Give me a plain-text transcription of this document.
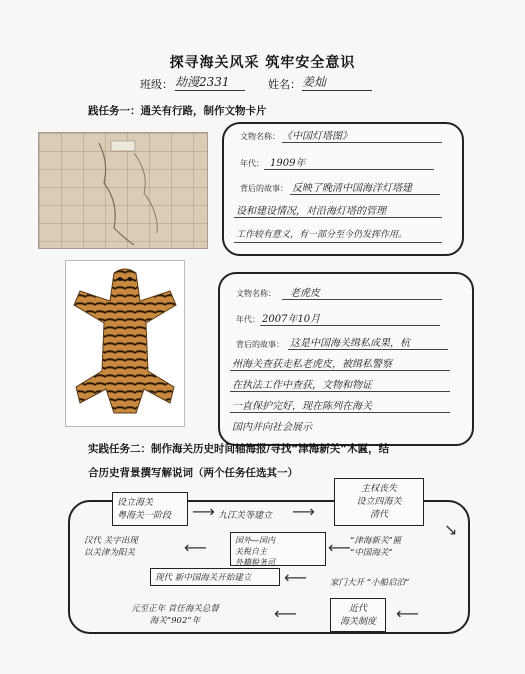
探寻海关风采 筑牢安全意识
班级： 劫漫2331	姓名： 姜灿
践任务一：通关有行路，制作文物卡片
文物名称： 《中国灯塔图》
年代： 1909年
背后的故事： 反映了晚清中国海洋灯塔建
设和建设情况，对沿海灯塔的管理
工作较有意义，有一部分至今仍发挥作用。
文物名称： 老虎皮
年代： 2007年10月
背后的故事： 这是中国海关缉私成果，杭
州海关查获走私老虎皮，被缉私警察
在执法工作中查获，文物和物证
一直保护完好，现在陈列在海关
国内并向社会展示
实践任务二：制作海关历史时间轴海报/寻找“津海新关”木匾，结
合历史背景撰写解说词（两个任务任选其一）
设立海关
粤海关一阶段	⟶ 九江关等建立 ⟶
主权丧失
设立四海关
清代
↘
汉代 关字出现
以关津为阳关	⟵	国外—国内
关税自主
外籍税务司
⟵ “津海新关”匾
“中国海关”
现代 新中国海关开始建立	⟵	家门大开 “小船启泊”
元至正年 首任海关总督
海关“902”年	⟵	近代
海关制度	⟵
